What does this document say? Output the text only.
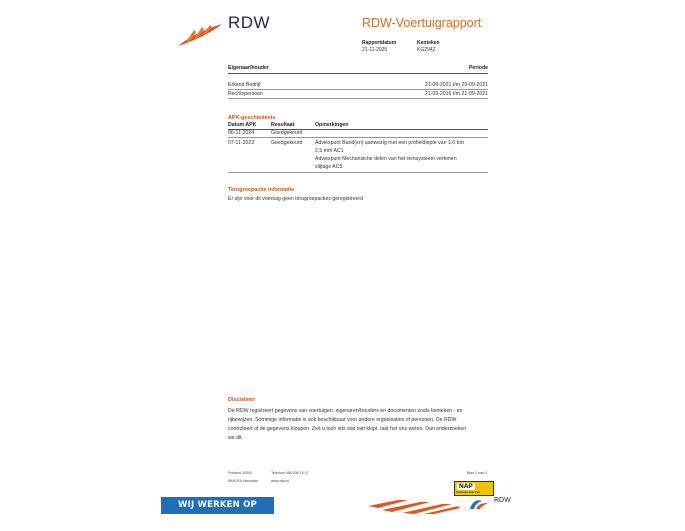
RDW	RDW-Voertuigrapport
Rapportdatum
21-11-2025
Kenteken
KG294Z
Eigenaar/houder	Periode
Erkend Bedrijf	21-09-2021 t/m 29-09-2021
Rechtspersoon	21-09-2016 t/m 21-09-2021
APK-geschiedenis
Datum APK	Resultaat	Opmerkingen
06-11-2024	Goedgekeurd
07-11-2023	Goedgekeurd Adviespunt Band(en) aanwezig met een profieldiepte van 1,6 t/m
2,5 mm AC1
Adviespunt Mechanische delen van het remsysteem vertonen
slijtage AC5
Terugroepactie informatie
Er zijn voor dit voertuig geen terugroepacties geregistreerd
Disclaimer
De RDW registreert gegevens van voertuigen, eigenaren/houders en documenten zoals kenteken - en
rijbewijzen. Sommige informatie is ook beschikbaar voor andere organisaties of personen. De RDW
controleert of de gegevens kloppen. Ziet u toch iets wat niet klopt, laat het ons weten. Dan onderzoeken
we dit.
Postbus 30000
9640 RA Veendam
Telefoon 088 008 74 47
www.rdw.nl
Blad 2 van 3
NAP
Nationale Auto Pas
WIJ WERKEN OP AFSPRAAK
RDW
